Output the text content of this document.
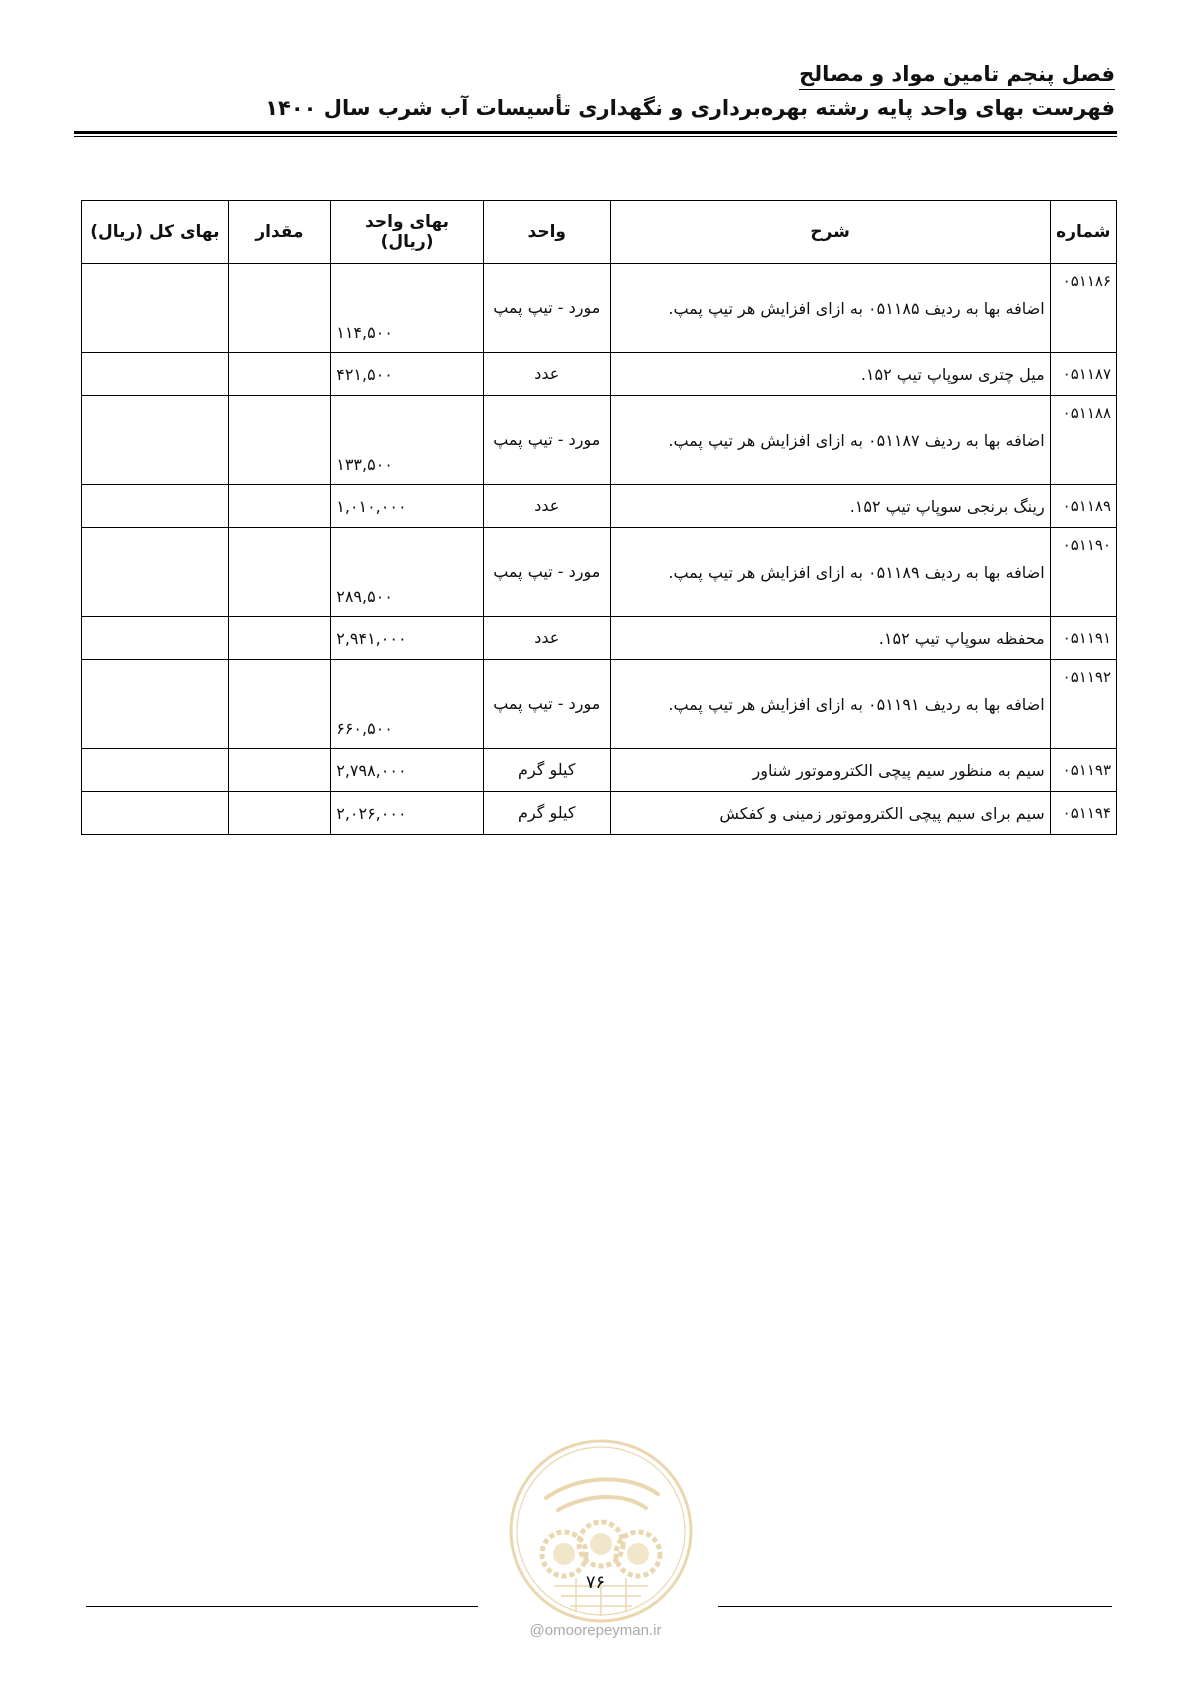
فصل پنجم تامین مواد و مصالح
فهرست بهای واحد پایه رشته بهره‌برداری و نگهداری تأسیسات آب شرب سال ۱۴۰۰
شماره	شرح	واحد	بهای واحد (ریال)	مقدار	بهای کل (ریال)
۰۵۱۱۸۶	اضافه بها به ردیف ۰۵۱۱۸۵ به ازای افزایش هر تیپ پمپ.	مورد - تیپ پمپ	۱۱۴,۵۰۰		
۰۵۱۱۸۷	میل چتری سوپاپ تیپ ۱۵۲.	عدد	۴۲۱,۵۰۰		
۰۵۱۱۸۸	اضافه بها به ردیف ۰۵۱۱۸۷ به ازای افزایش هر تیپ پمپ.	مورد - تیپ پمپ	۱۳۳,۵۰۰		
۰۵۱۱۸۹	رینگ برنجی سوپاپ تیپ ۱۵۲.	عدد	۱,۰۱۰,۰۰۰		
۰۵۱۱۹۰	اضافه بها به ردیف ۰۵۱۱۸۹ به ازای افزایش هر تیپ پمپ.	مورد - تیپ پمپ	۲۸۹,۵۰۰		
۰۵۱۱۹۱	محفظه سوپاپ تیپ ۱۵۲.	عدد	۲,۹۴۱,۰۰۰		
۰۵۱۱۹۲	اضافه بها به ردیف ۰۵۱۱۹۱ به ازای افزایش هر تیپ پمپ.	مورد - تیپ پمپ	۶۶۰,۵۰۰		
۰۵۱۱۹۳	سیم به منظور سیم پیچی الکتروموتور شناور	کیلو گرم	۲,۷۹۸,۰۰۰		
۰۵۱۱۹۴	سیم برای سیم پیچی الکتروموتور زمینی و کفکش	کیلو گرم	۲,۰۲۶,۰۰۰		
۷۶
@omoorepeyman.ir
